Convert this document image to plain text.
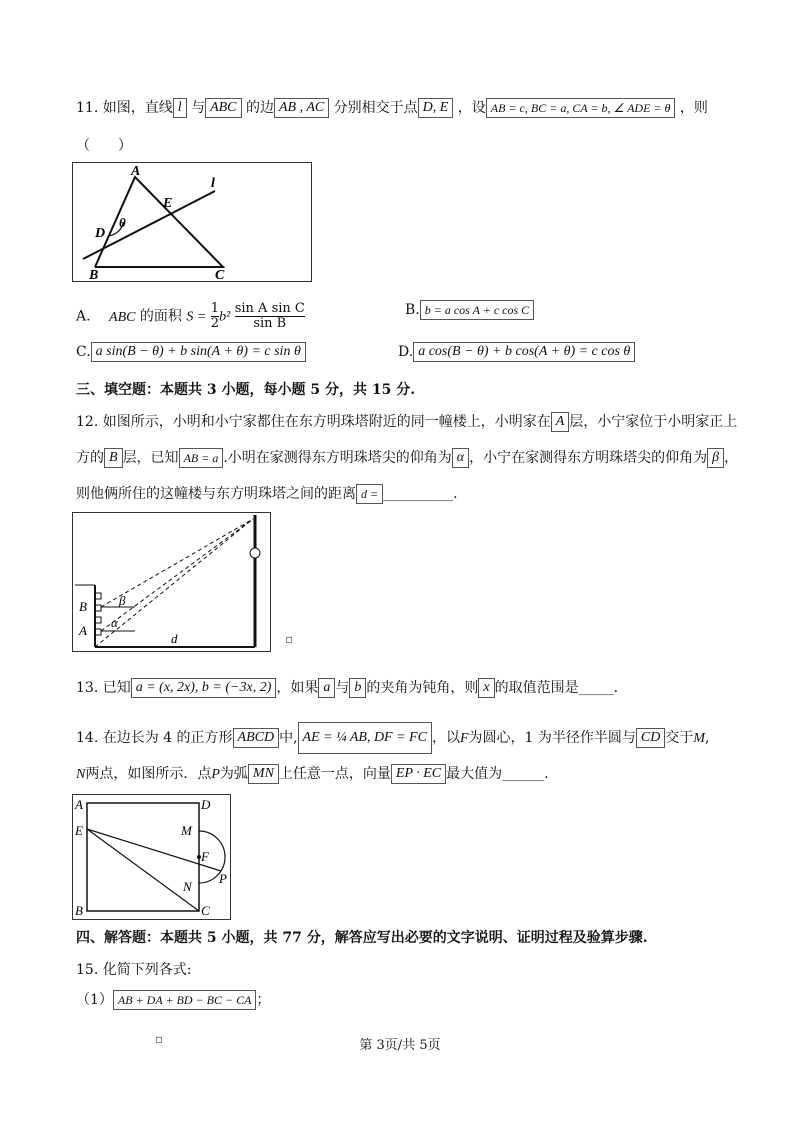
11. 如图，直线 l 与 ABC 的边 AB , AC 分别相交于点 D, E ，设 AB = c, BC = a, CA = b, ∠ ADE = θ ，则
（　　）
A
E
l
θ
D
B	C
A. ABC 的面积 $S = \frac{1}{2} b^2 \frac{\text{sin A sin C}}{\text{sin B}}$	B. b = a cos A + c cos C
C. a sin(B − θ) + b sin(A + θ) = c sin θ	D. a cos(B − θ) + b cos(A + θ) = c cos θ
三、填空题：本题共 3 小题，每小题 5 分，共 15 分.
12. 如图所示，小明和小宁家都住在东方明珠塔附近的同一幢楼上，小明家在 A 层，小宁家位于小明家正上
方的 B 层，已知 AB = a .小明在家测得东方明珠塔尖的仰角为 α ，小宁在家测得东方明珠塔尖的仰角为 β ，
则他俩所住的这幢楼与东方明珠塔之间的距离 d = __________.
B
A
β
α
d	▫
13. 已知 a = (x, 2x), b = (−3x, 2) ，如果 a 与 b 的夹角为钝角，则 x 的取值范围是_____.
14. 在边长为 4 的正方形 ABCD 中, AE = ¼ AB, DF = FC ，以F为圆心，1 为半径作半圆与 CD 交于M,
N两点，如图所示．点P为弧 MN 上任意一点，向量 EP · EC 最大值为______.
A	D
E	M
F
N
P
B	C
四、解答题：本题共 5 小题，共 77 分，解答应写出必要的文字说明、证明过程及验算步骤.
15. 化简下列各式:
（1） AB + DA + BD − BC − CA ；
▫	第 3页/共 5页
